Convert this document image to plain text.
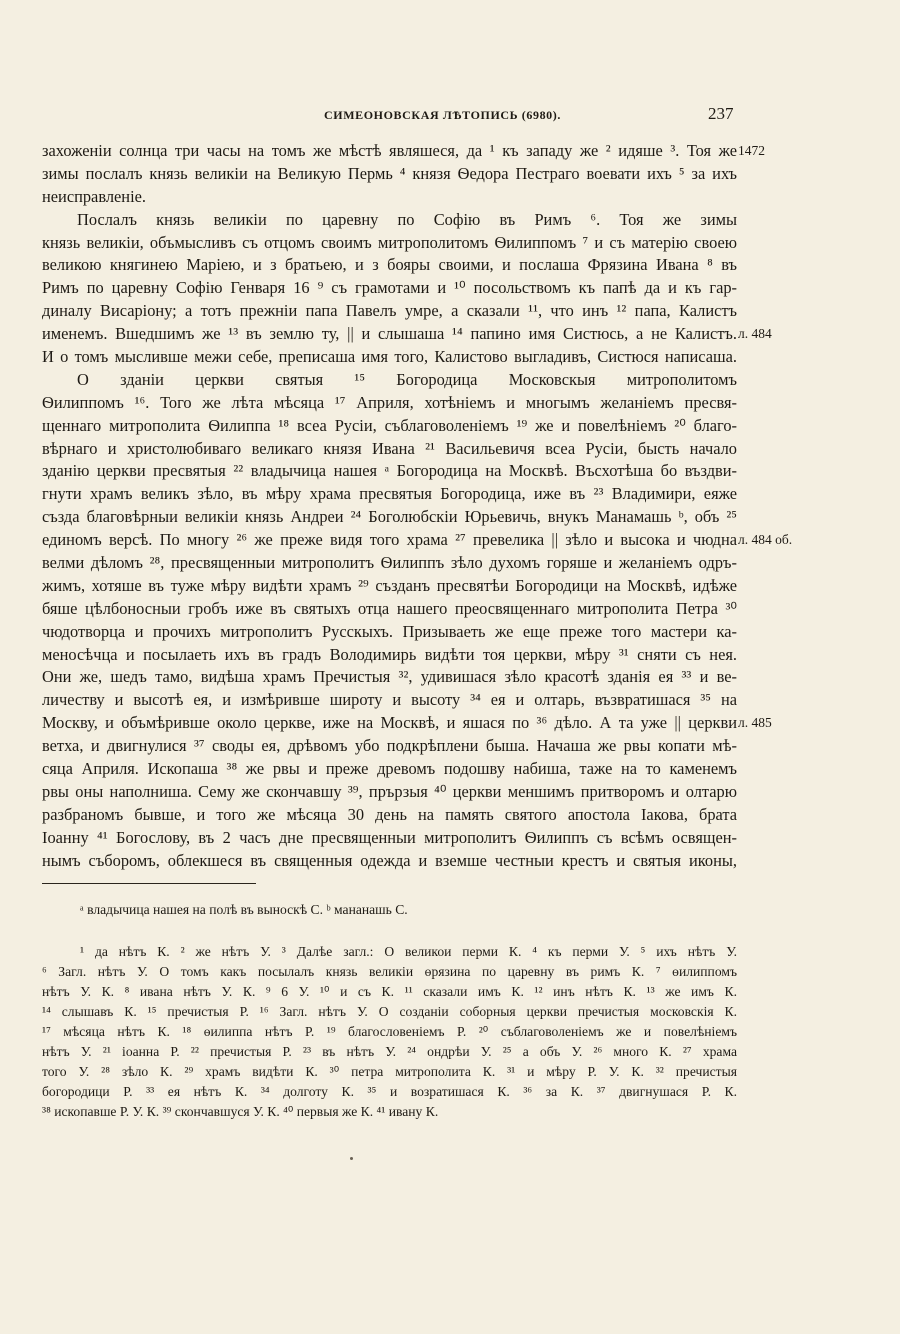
СИМЕОНОВСКАЯ ЛѢТОПИСЬ (6980).	237
захоженіи солнца три часы на томъ же мѣстѣ являшеся, да ¹ къ западу же ² идяше ³. Тоя же 1472
зимы послалъ князь великіи на Великую Пермь ⁴ князя Ѳедора Пестраго воевати ихъ ⁵ за ихъ
неисправленіе.
Послалъ князь великіи по царевну по Софію въ Римъ ⁶. Тоя же зимы
князь великіи, объмысливъ съ отцомъ своимъ митрополитомъ Ѳилиппомъ ⁷ и съ матерію своею
великою княгинею Маріею, и з братьею, и з бояры своими, и послаша Фрязина Ивана ⁸ въ
Римъ по царевну Софію Генваря 16 ⁹ съ грамотами и ¹⁰ посольствомъ къ папѣ да и къ гар-
диналу Висаріону; а тотъ прежніи папа Павелъ умре, а сказали ¹¹, что инъ ¹² папа, Калистъ
именемъ. Вшедшимъ же ¹³ въ землю ту, || и слышаша ¹⁴ папино имя Систюсь, а не Калистъ. л. 484
И о томъ мысливше межи себе, преписаша имя того, Калистово выгладивъ, Систюся написаша.
О зданіи церкви святыя ¹⁵ Богородица Московскыя митрополитомъ
Ѳилиппомъ ¹⁶. Того же лѣта мѣсяца ¹⁷ Априля, хотѣніемъ и многымъ желаніемъ пресвя-
щеннаго митрополита Ѳилиппа ¹⁸ всеа Русіи, съблаговоленіемъ ¹⁹ же и повелѣніемъ ²⁰ благо-
вѣрнаго и христолюбиваго великаго князя Ивана ²¹ Васильевичя всеа Русіи, бысть начало
зданію церкви пресвятыя ²² владычица нашея ᵃ Богородица на Москвѣ. Въсхотѣша бо въздви-
гнути храмъ великъ зѣло, въ мѣру храма пресвятыя Богородица, иже въ ²³ Владимири, еяже
създа благовѣрныи великіи князь Андреи ²⁴ Боголюбскіи Юрьевичь, внукъ Манамашь ᵇ, объ ²⁵
единомъ версѣ. По многу ²⁶ же преже видя того храма ²⁷ превелика || зѣло и высока и чюдна л. 484 об.
велми дѣломъ ²⁸, пресвященныи митрополитъ Ѳилиппъ зѣло духомъ горяше и желаніемъ одръ-
жимъ, хотяше въ туже мѣру видѣти храмъ ²⁹ създанъ пресвятѣи Богородици на Москвѣ, идѣже
бяше цѣлбоносныи гробъ иже въ святыхъ отца нашего преосвященнаго митрополита Петра ³⁰
чюдотворца и прочихъ митрополитъ Русскыхъ. Призываеть же еще преже того мастери ка-
меносѣчца и посылаеть ихъ въ градъ Володимирь видѣти тоя церкви, мѣру ³¹ сняти съ нея.
Они же, шедъ тамо, видѣша храмъ Пречистыя ³², удивишася зѣло красотѣ зданія ея ³³ и ве-
личеству и высотѣ ея, и измѣривше широту и высоту ³⁴ ея и олтарь, възвратишася ³⁵ на
Москву, и объмѣривше около церкве, иже на Москвѣ, и яшася по ³⁶ дѣло. А та уже || церкви л. 485
ветха, и двигнулися ³⁷ своды ея, дрѣвомъ убо подкрѣплени быша. Начаша же рвы копати мѣ-
сяца Априля. Ископаша ³⁸ же рвы и преже древомъ подошву набиша, таже на то каменемъ
рвы оны наполниша. Сему же скончавшу ³⁹, прързыя ⁴⁰ церкви меншимъ притворомъ и олтарю
разбраномъ бывше, и того же мѣсяца 30 день на память святого апостола Іакова, брата
Іоанну ⁴¹ Богослову, въ 2 часъ дне пресвященныи митрополитъ Ѳилиппъ съ всѣмъ освящен-
нымъ съборомъ, облекшеся въ священныя одежда и вземше честныи крестъ и святыя иконы,
ᵃ владычица нашея на полѣ въ выноскѣ С. ᵇ мананашь С.
¹ да нѣтъ К. ² же нѣтъ У. ³ Далѣе загл.: О великои перми К. ⁴ къ перми У. ⁵ ихъ нѣтъ У.
⁶ Загл. нѣтъ У. О томъ какъ посылалъ князь великіи ѳрязина по царевну въ римъ К. ⁷ ѳилиппомъ
нѣтъ У. К. ⁸ ивана нѣтъ У. К. ⁹ 6 У. ¹⁰ и съ К. ¹¹ сказали имъ К. ¹² инъ нѣтъ К. ¹³ же имъ К.
¹⁴ слышавъ К. ¹⁵ пречистыя Р. ¹⁶ Загл. нѣтъ У. О созданіи соборныя церкви пречистыя московскія К.
¹⁷ мѣсяца нѣтъ К. ¹⁸ ѳилиппа нѣтъ Р. ¹⁹ благословеніемъ Р. ²⁰ съблаговоленіемъ же и повелѣніемъ
нѣтъ У. ²¹ іоанна Р. ²² пречистыя Р. ²³ въ нѣтъ У. ²⁴ ондрѣи У. ²⁵ а объ У. ²⁶ много К. ²⁷ храма
того У. ²⁸ зѣло К. ²⁹ храмъ видѣти К. ³⁰ петра митрополита К. ³¹ и мѣру Р. У. К. ³² пречистыя
богородици Р. ³³ ея нѣтъ К. ³⁴ долготу К. ³⁵ и возратишася К. ³⁶ за К. ³⁷ двигнушася Р. К.
³⁸ ископавше Р. У. К. ³⁹ скончавшуся У. К. ⁴⁰ первыя же К. ⁴¹ ивану К.
